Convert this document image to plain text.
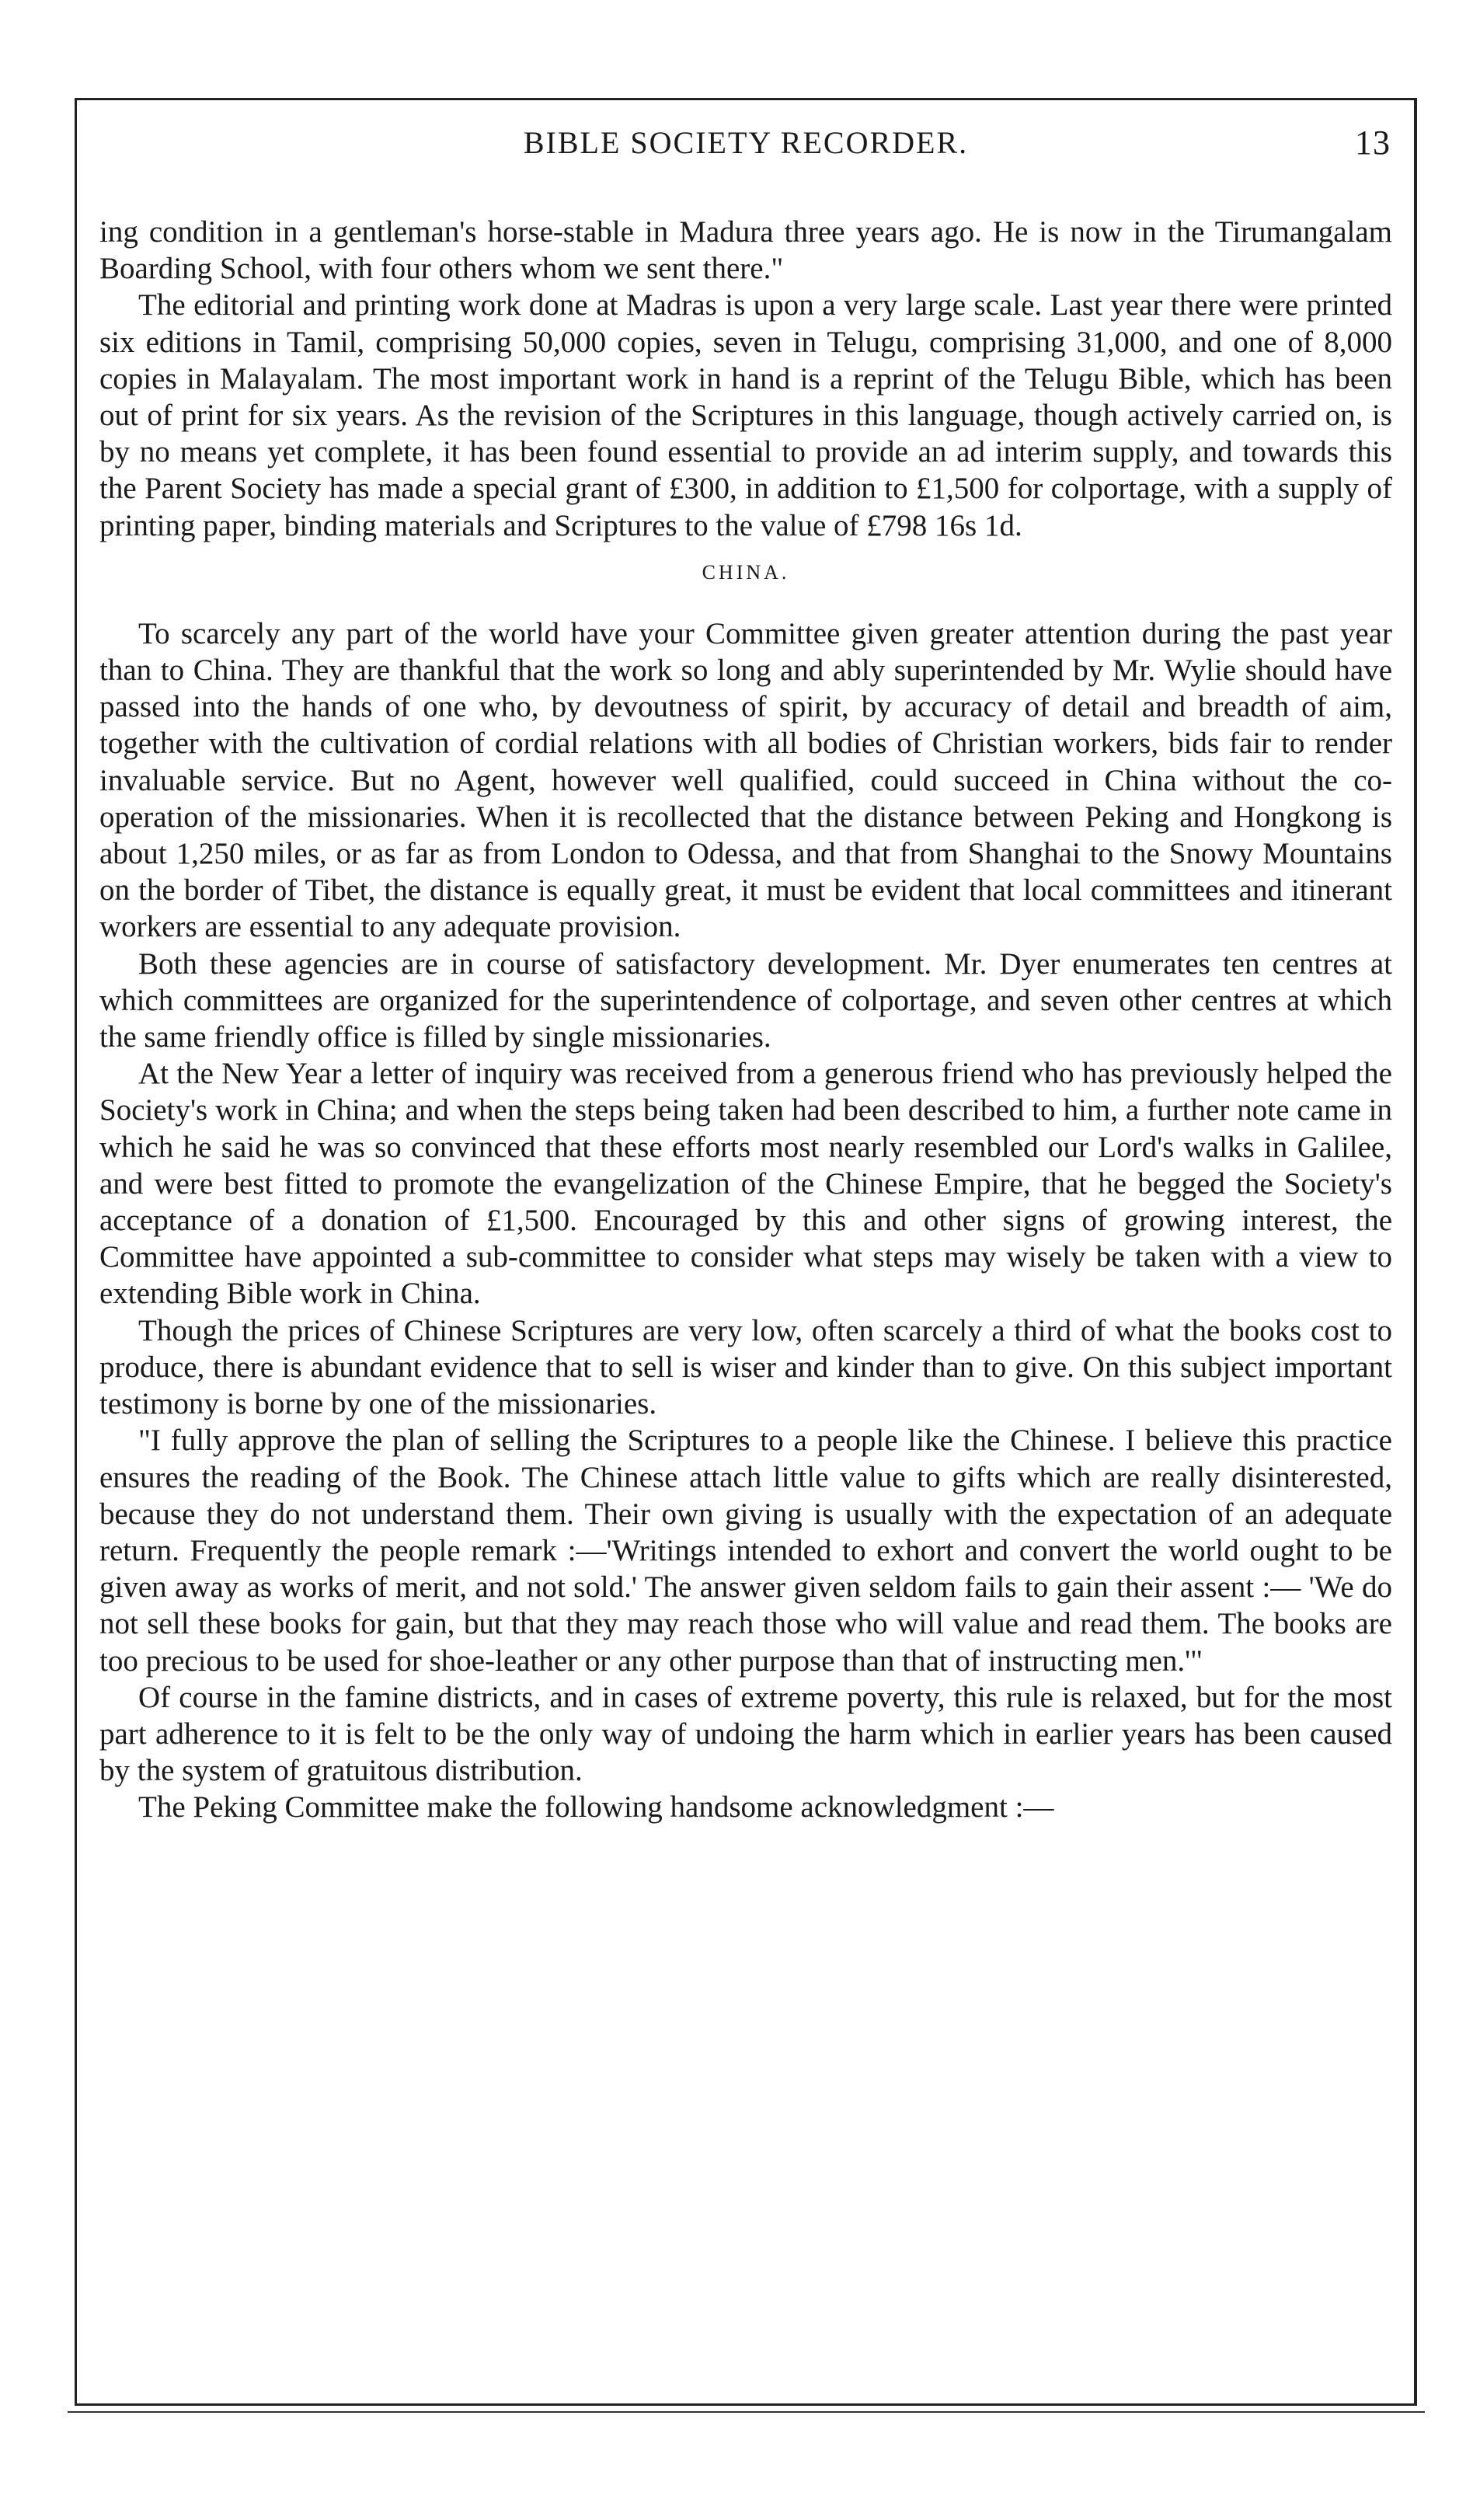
BIBLE SOCIETY RECORDER.	13

ing condition in a gentleman's horse-stable in Madura three years ago. He is now in the Tirumangalam Boarding School, with four others whom we sent there."

The editorial and printing work done at Madras is upon a very large scale. Last year there were printed six editions in Tamil, comprising 50,000 copies, seven in Telugu, comprising 31,000, and one of 8,000 copies in Malayalam. The most important work in hand is a reprint of the Telugu Bible, which has been out of print for six years. As the revision of the Scriptures in this language, though actively carried on, is by no means yet complete, it has been found essential to provide an ad interim supply, and towards this the Parent Society has made a special grant of £300, in addition to £1,500 for colportage, with a supply of printing paper, binding materials and Scriptures to the value of £798 16s 1d.

CHINA.

To scarcely any part of the world have your Committee given greater attention during the past year than to China. They are thankful that the work so long and ably superintended by Mr. Wylie should have passed into the hands of one who, by devoutness of spirit, by accuracy of detail and breadth of aim, together with the cultivation of cordial relations with all bodies of Christian workers, bids fair to render invaluable service. But no Agent, however well qualified, could succeed in China without the co-operation of the missionaries. When it is recollected that the distance between Peking and Hongkong is about 1,250 miles, or as far as from London to Odessa, and that from Shanghai to the Snowy Mountains on the border of Tibet, the distance is equally great, it must be evident that local committees and itinerant workers are essential to any adequate provision.

Both these agencies are in course of satisfactory development. Mr. Dyer enumerates ten centres at which committees are organized for the superintendence of colportage, and seven other centres at which the same friendly office is filled by single missionaries.

At the New Year a letter of inquiry was received from a generous friend who has previously helped the Society's work in China; and when the steps being taken had been described to him, a further note came in which he said he was so convinced that these efforts most nearly resembled our Lord's walks in Galilee, and were best fitted to promote the evangelization of the Chinese Empire, that he begged the Society's acceptance of a donation of £1,500. Encouraged by this and other signs of growing interest, the Committee have appointed a sub-committee to consider what steps may wisely be taken with a view to extending Bible work in China.

Though the prices of Chinese Scriptures are very low, often scarcely a third of what the books cost to produce, there is abundant evidence that to sell is wiser and kinder than to give. On this subject important testimony is borne by one of the missionaries.

"I fully approve the plan of selling the Scriptures to a people like the Chinese. I believe this practice ensures the reading of the Book. The Chinese attach little value to gifts which are really disinterested, because they do not understand them. Their own giving is usually with the expectation of an adequate return. Frequently the people remark :—'Writings intended to exhort and convert the world ought to be given away as works of merit, and not sold.' The answer given seldom fails to gain their assent :— 'We do not sell these books for gain, but that they may reach those who will value and read them. The books are too precious to be used for shoe-leather or any other purpose than that of instructing men.'"

Of course in the famine districts, and in cases of extreme poverty, this rule is relaxed, but for the most part adherence to it is felt to be the only way of undoing the harm which in earlier years has been caused by the system of gratuitous distribution.

The Peking Committee make the following handsome acknowledgment :—
